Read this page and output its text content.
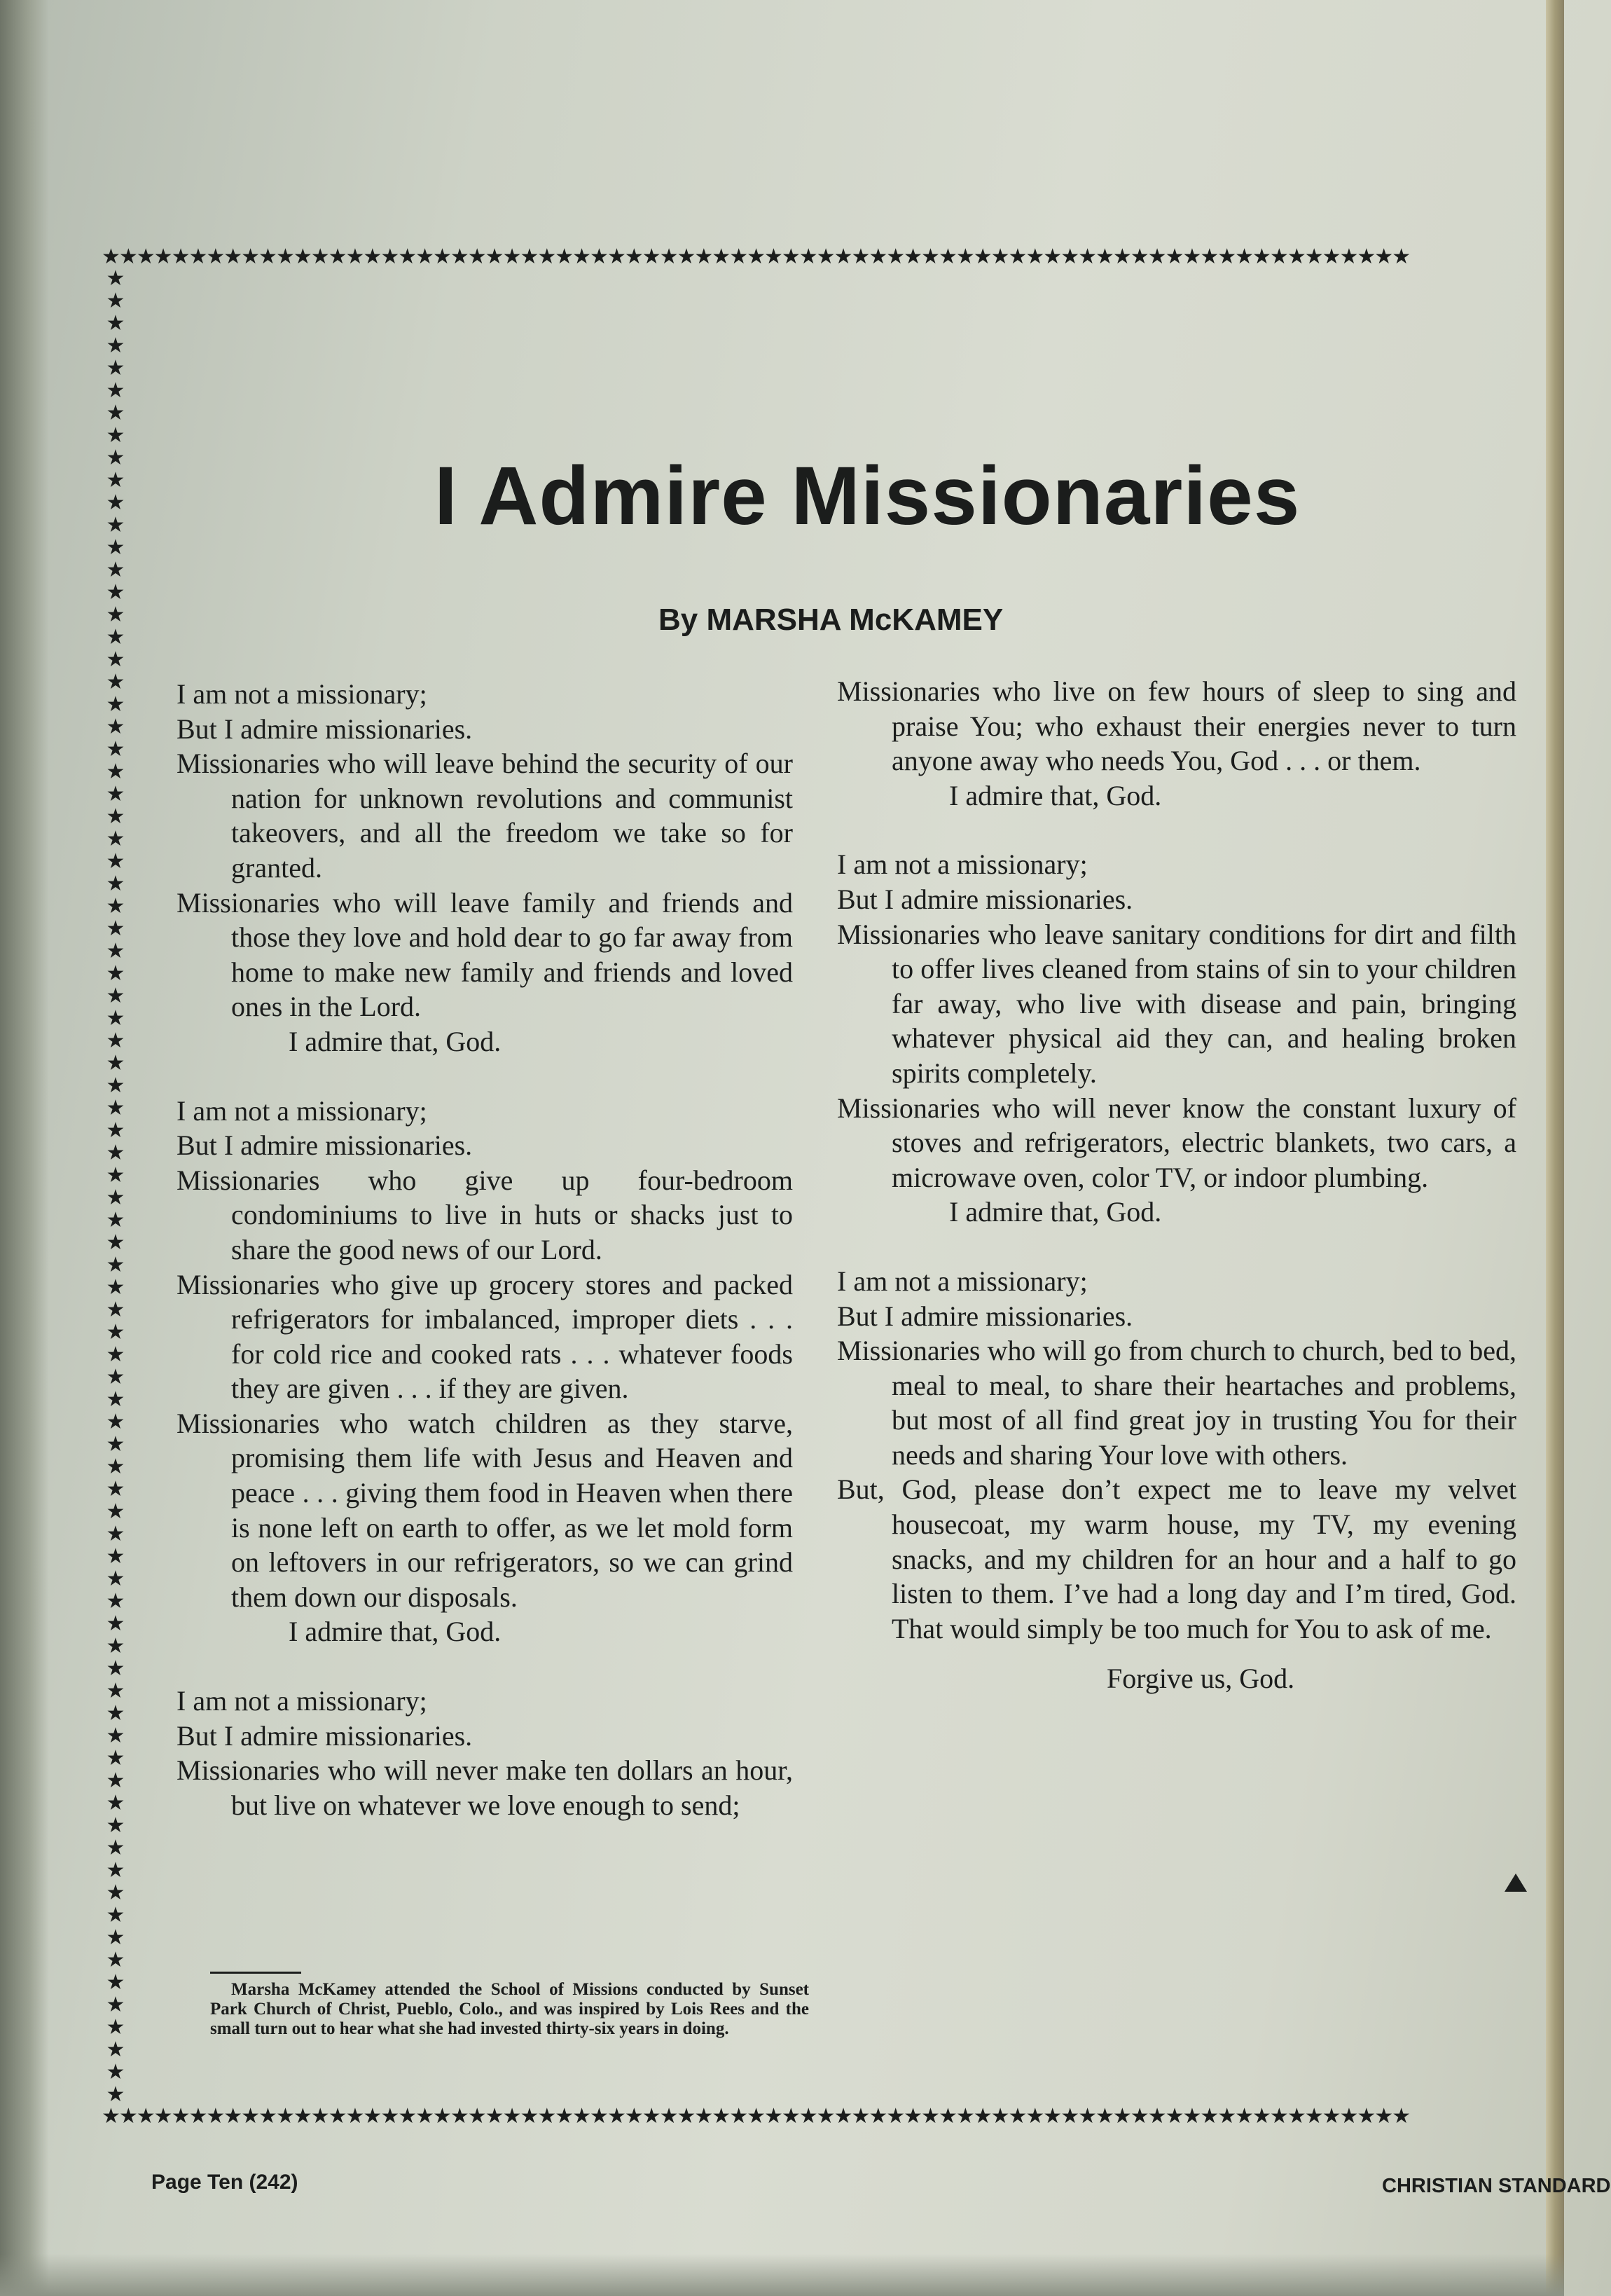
★★★★★★★★★★★★★★★★★★★★★★★★★★★★★★★★★★★★★★★★★★★★★★★★★★★★★★★★★★★★★★★★★★★★★★★★★★★
★★★★★★★★★★★★★★★★★★★★★★★★★★★★★★★★★★★★★★★★★★★★★★★★★★★★★★★★★★★★★★★★★★★★★★★★★★★★★★★★★★
★★★★★★★★★★★★★★★★★★★★★★★★★★★★★★★★★★★★★★★★★★★★★★★★★★★★★★★★★★★★★★★★★★★★★★★★★★★
I Admire Missionaries
By MARSHA McKAMEY

I am not a missionary;

But I admire missionaries.

Missionaries who will leave behind the security of our nation for unknown revolutions and communist takeovers, and all the freedom we take so for granted.

Missionaries who will leave family and friends and those they love and hold dear to go far away from home to make new family and friends and loved ones in the Lord.

I admire that, God.

I am not a missionary;

But I admire missionaries.

Missionaries who give up four-bedroom condominiums to live in huts or shacks just to share the good news of our Lord.

Missionaries who give up grocery stores and packed refrigerators for imbalanced, improper diets . . . for cold rice and cooked rats . . . whatever foods they are given . . . if they are given.

Missionaries who watch children as they starve, promising them life with Jesus and Heaven and peace . . . giving them food in Heaven when there is none left on earth to offer, as we let mold form on leftovers in our refrigerators, so we can grind them down our disposals.

I admire that, God.

I am not a missionary;

But I admire missionaries.

Missionaries who will never make ten dollars an hour, but live on whatever we love enough to send;

Missionaries who live on few hours of sleep to sing and praise You; who exhaust their energies never to turn anyone away who needs You, God . . . or them.

I admire that, God.

I am not a missionary;

But I admire missionaries.

Missionaries who leave sanitary conditions for dirt and filth to offer lives cleaned from stains of sin to your children far away, who live with disease and pain, bringing whatever physical aid they can, and healing broken spirits completely.

Missionaries who will never know the constant luxury of stoves and refrigerators, electric blankets, two cars, a microwave oven, color TV, or indoor plumbing.

I admire that, God.

I am not a missionary;

But I admire missionaries.

Missionaries who will go from church to church, bed to bed, meal to meal, to share their heartaches and problems, but most of all find great joy in trusting You for their needs and sharing Your love with others.

But, God, please don’t expect me to leave my velvet housecoat, my warm house, my TV, my evening snacks, and my children for an hour and a half to go listen to them. I’ve had a long day and I’m tired, God. That would simply be too much for You to ask of me.

Forgive us, God.

Marsha McKamey attended the School of Missions conducted by Sunset Park Church of Christ, Pueblo, Colo., and was inspired by Lois Rees and the small turn out to hear what she had invested thirty-six years in doing.
Page Ten (242)	CHRISTIAN STANDARD
